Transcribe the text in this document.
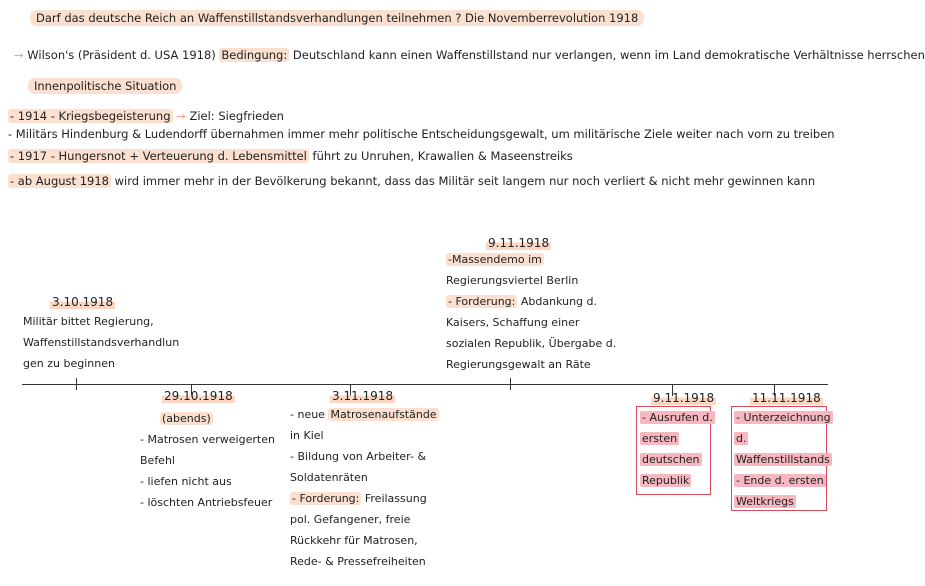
Darf das deutsche Reich an Waffenstillstandsverhandlungen teilnehmen ? Die Novemberrevolution 1918
→ Wilson's (Präsident d. USA 1918) Bedingung: Deutschland kann einen Waffenstillstand nur verlangen, wenn im Land demokratische Verhältnisse herrschen
Innenpolitische Situation
- 1914 - Kriegsbegeisterung → Ziel: Siegfrieden
- Militärs Hindenburg & Ludendorff übernahmen immer mehr politische Entscheidungsgewalt, um militärische Ziele weiter nach vorn zu treiben
- 1917 - Hungersnot + Verteuerung d. Lebensmittel führt zu Unruhen, Krawallen & Maseenstreiks
- ab August 1918 wird immer mehr in der Bevölkerung bekannt, dass das Militär seit langem nur noch verliert & nicht mehr gewinnen kann
3.10.1918
Militär bittet Regierung,
Waffenstillstandsverhandlun
gen zu beginnen
29.10.1918
(abends)
- Matrosen verweigerten
Befehl
- liefen nicht aus
- löschten Antriebsfeuer
3.11.1918
- neue Matrosenaufstände
in Kiel
- Bildung von Arbeiter- &
Soldatenräten
- Forderung: Freilassung
pol. Gefangener, freie
Rückkehr für Matrosen,
Rede- & Pressefreiheiten
9.11.1918
-Massendemo im
Regierungsviertel Berlin
- Forderung: Abdankung d.
Kaisers, Schaffung einer
sozialen Republik, Übergabe d.
Regierungsgewalt an Räte
9.11.1918
- Ausrufen d.
ersten
deutschen
Republik
11.11.1918
- Unterzeichnung
d.
Waffenstillstands
- Ende d. ersten
Weltkriegs
